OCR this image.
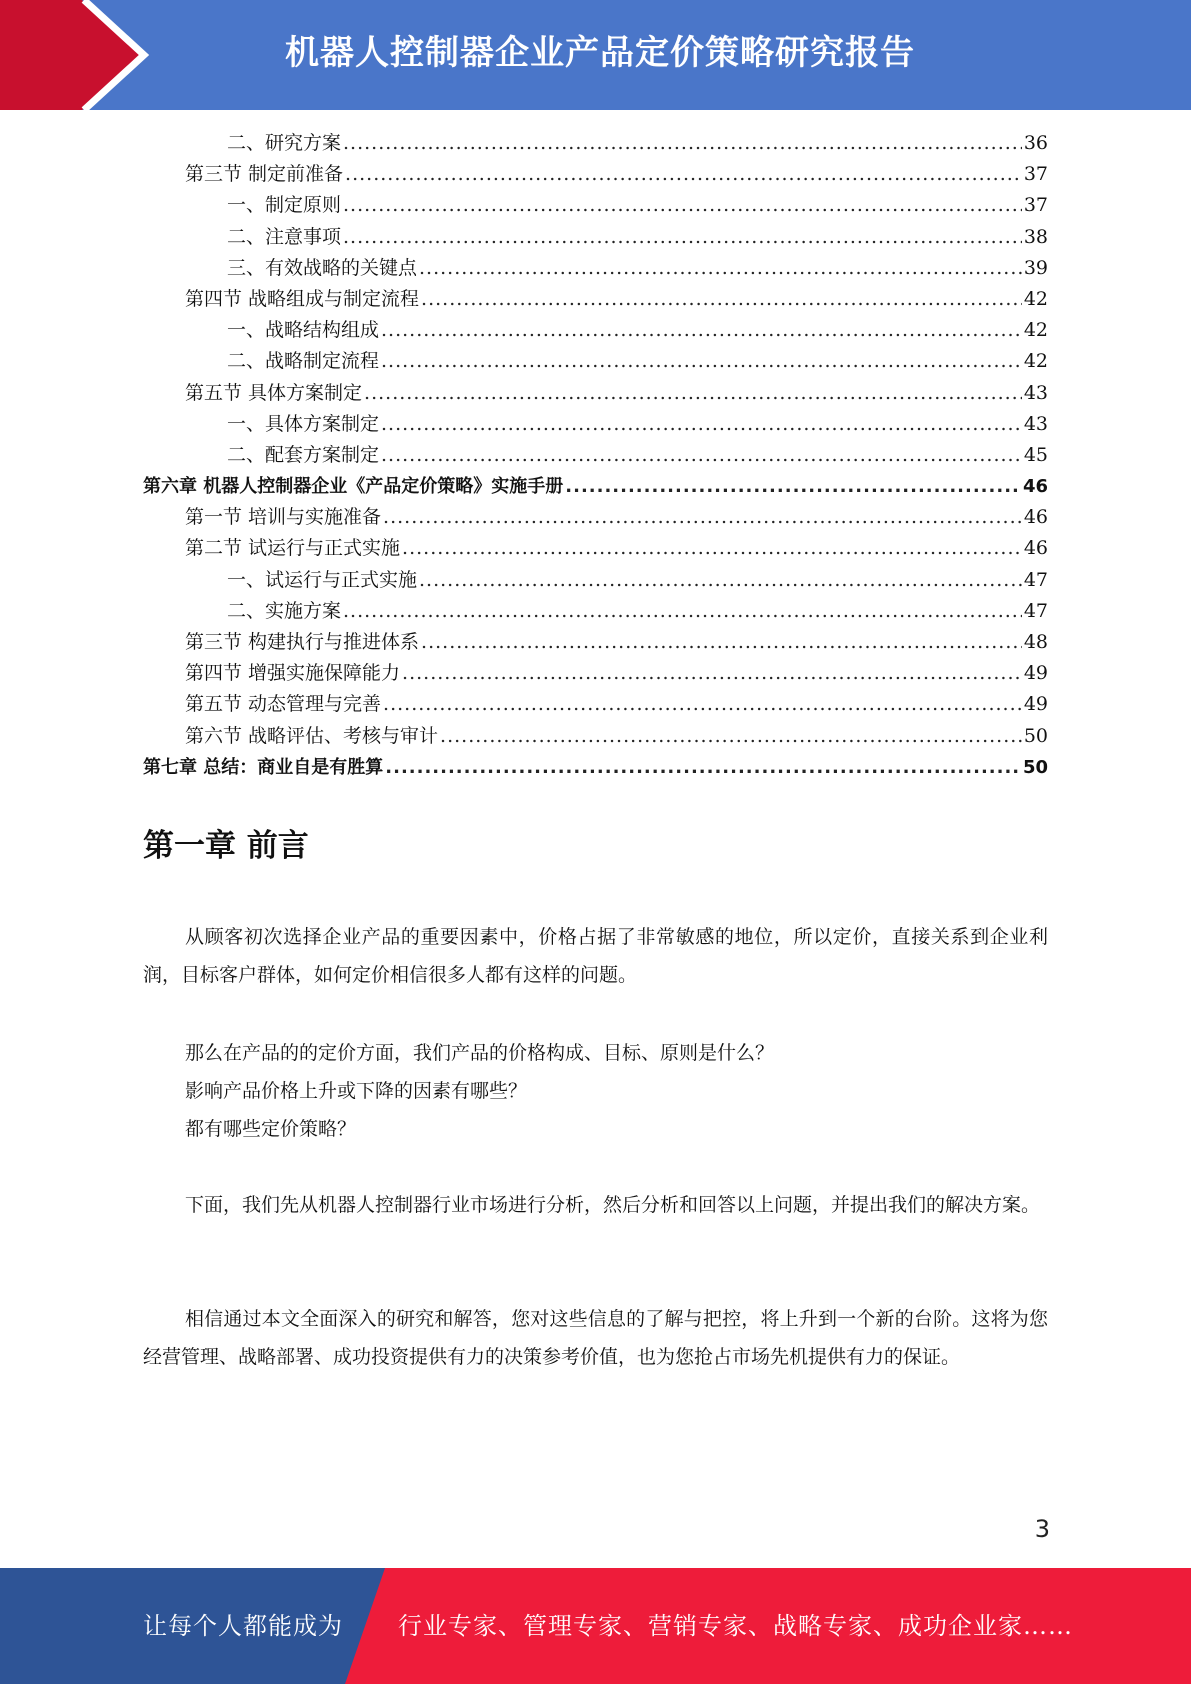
机器人控制器企业产品定价策略研究报告
二、研究方案 .....	36
第三节 制定前准备 .....	37
一、制定原则 .....	37
二、注意事项 .....	38
三、有效战略的关键点 .....	39
第四节 战略组成与制定流程 .....	42
一、战略结构组成 .....	42
二、战略制定流程 .....	42
第五节 具体方案制定 .....	43
一、具体方案制定 .....	43
二、配套方案制定 .....	45
第六章 机器人控制器企业《产品定价策略》实施手册 .....	46
第一节 培训与实施准备 .....	46
第二节 试运行与正式实施 .....	46
一、试运行与正式实施 .....	47
二、实施方案 .....	47
第三节 构建执行与推进体系 .....	48
第四节 增强实施保障能力 .....	49
第五节 动态管理与完善 .....	49
第六节 战略评估、考核与审计 .....	50
第七章 总结：商业自是有胜算 .....	50
第一章 前言

从顾客初次选择企业产品的重要因素中，价格占据了非常敏感的地位，所以定价，直接关系到企业利润，目标客户群体，如何定价相信很多人都有这样的问题。

那么在产品的的定价方面，我们产品的价格构成、目标、原则是什么？

影响产品价格上升或下降的因素有哪些？

都有哪些定价策略？

下面，我们先从机器人控制器行业市场进行分析，然后分析和回答以上问题，并提出我们的解决方案。

相信通过本文全面深入的研究和解答，您对这些信息的了解与把控，将上升到一个新的台阶。这将为您经营管理、战略部署、成功投资提供有力的决策参考价值，也为您抢占市场先机提供有力的保证。

3
让每个人都能成为 行业专家、管理专家、营销专家、战略专家、成功企业家……
